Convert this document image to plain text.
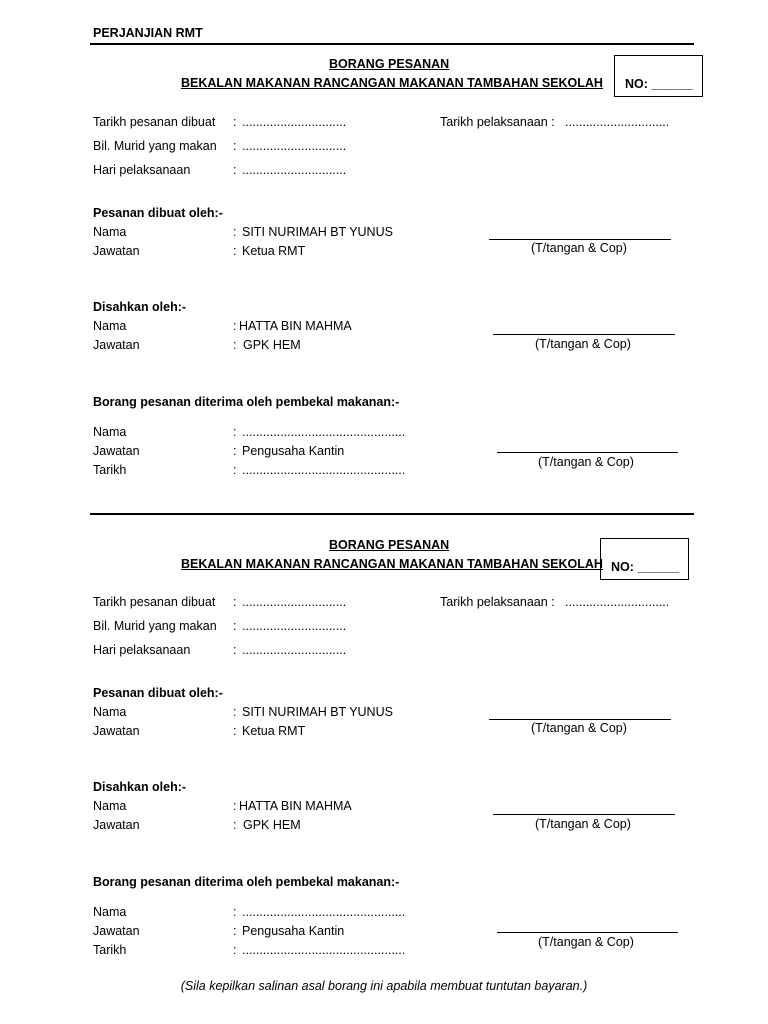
PERJANJIAN RMT
BORANG PESANAN
BEKALAN MAKANAN RANCANGAN MAKANAN TAMBAHAN SEKOLAH NO: ______
Tarikh pesanan dibuat : ..............................	Tarikh pelaksanaan : ..............................
Bil. Murid yang makan : ..............................
Hari pelaksanaan	: ..............................
Pesanan dibuat oleh:-
Nama	: SITI NURIMAH BT YUNUS
Jawatan	: Ketua RMT	(T/tangan & Cop)
Disahkan oleh:-
Nama	: HATTA BIN MAHMA
Jawatan	: GPK HEM	(T/tangan & Cop)
Borang pesanan diterima oleh pembekal makanan:-
Nama	: ...............................................
Jawatan	: Pengusaha Kantin
Tarikh	: ...............................................
(T/tangan & Cop)
BORANG PESANAN
BEKALAN MAKANAN RANCANGAN MAKANAN TAMBAHAN SEKOLAH NO: ______
Tarikh pesanan dibuat : ..............................	Tarikh pelaksanaan : ..............................
Bil. Murid yang makan : ..............................
Hari pelaksanaan	: ..............................
Pesanan dibuat oleh:-
Nama	: SITI NURIMAH BT YUNUS
Jawatan	: Ketua RMT	(T/tangan & Cop)
Disahkan oleh:-
Nama	: HATTA BIN MAHMA
Jawatan	: GPK HEM	(T/tangan & Cop)
Borang pesanan diterima oleh pembekal makanan:-
Nama	: ...............................................
Jawatan	: Pengusaha Kantin
Tarikh	: ...............................................
(T/tangan & Cop)
(Sila kepilkan salinan asal borang ini apabila membuat tuntutan bayaran.)
